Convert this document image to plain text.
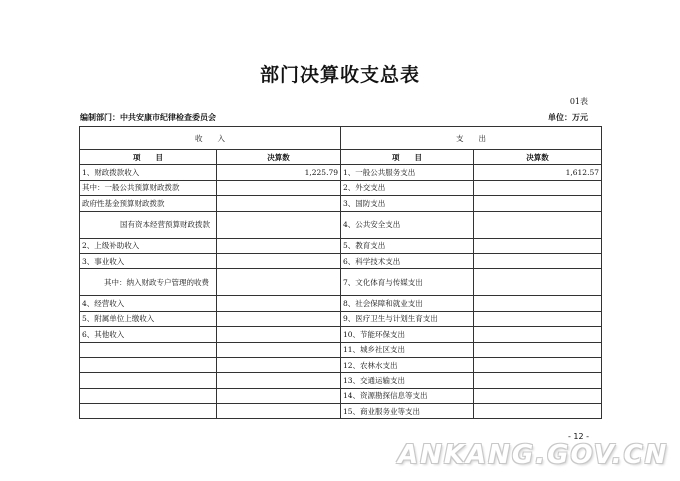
部门决算收支总表
01表
编制部门：中共安康市纪律检查委员会	单位：万元
收　　入		支　　出	
项　　目	决算数	项　　目	决算数
1、财政拨款收入	1,225.79	1、一般公共服务支出	1,612.57
其中：一般公共预算财政拨款		2、外交支出	
政府性基金预算财政拨款		3、国防支出	

国有资本经营预算财政拨款		4、公共安全支出	
2、上级补助收入		5、教育支出	
3、事业收入		6、科学技术支出	

其中：纳入财政专户管理的收费		7、文化体育与传媒支出	
4、经营收入		8、社会保障和就业支出	
5、附属单位上缴收入		9、医疗卫生与计划生育支出	
6、其他收入		10、节能环保支出	
		11、城乡社区支出	
		12、农林水支出	
		13、交通运输支出	
		14、资源勘探信息等支出	
		15、商业服务业等支出	
- 12 -
ANKANG.GOV.CN
